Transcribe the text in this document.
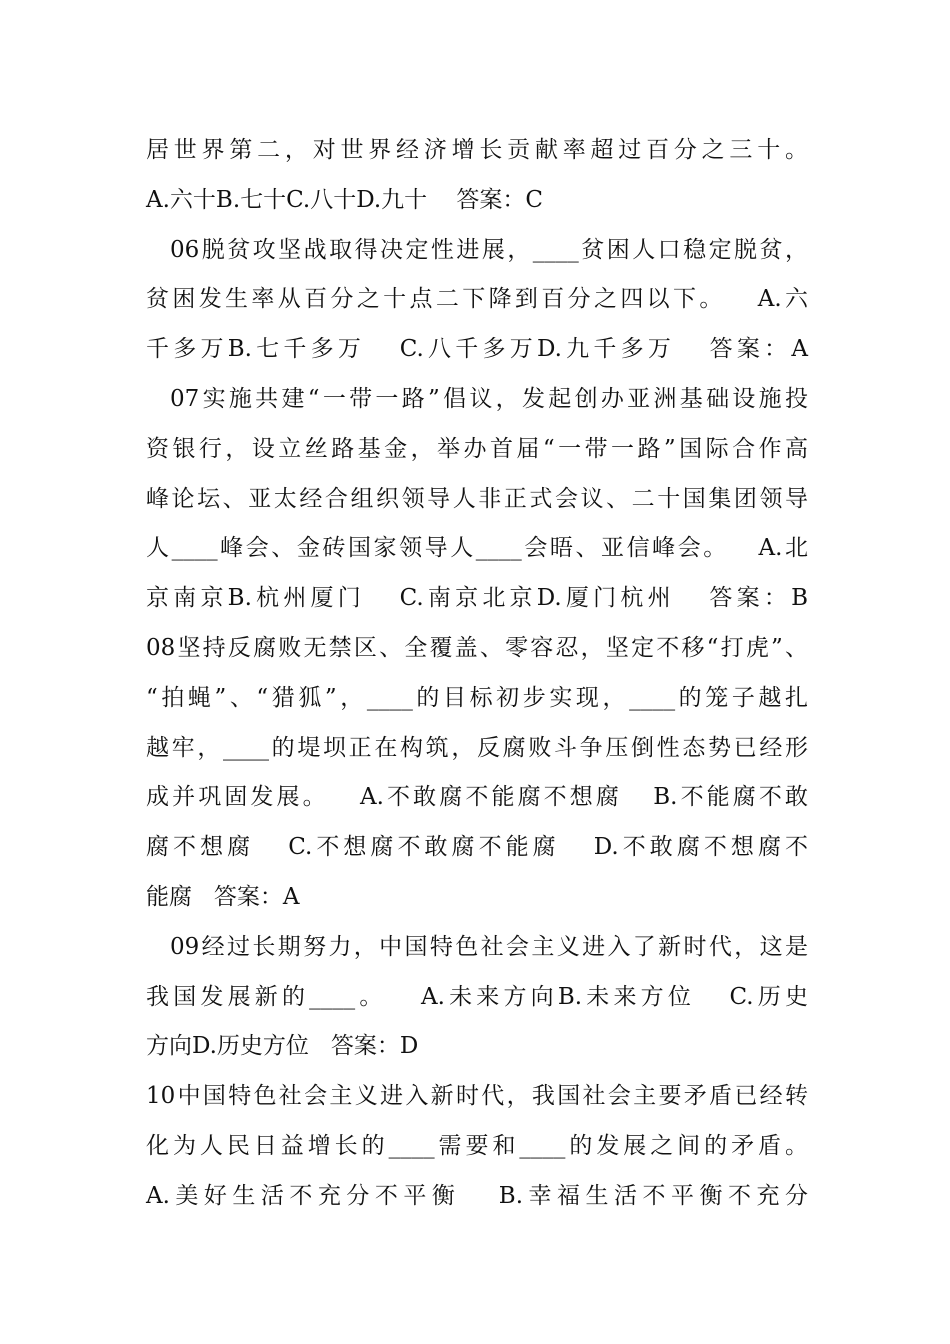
居世界第二，对世界经济增长贡献率超过百分之三十。
A.六十B.七十C.八十D.九十    答案：C
06脱贫攻坚战取得决定性进展，____贫困人口稳定脱贫，
贫困发生率从百分之十点二下降到百分之四以下。   A.六
千多万B.七千多万   C.八千多万D.九千多万   答案：A
07实施共建“一带一路”倡议，发起创办亚洲基础设施投
资银行，设立丝路基金，举办首届“一带一路”国际合作高
峰论坛、亚太经合组织领导人非正式会议、二十国集团领导
人____峰会、金砖国家领导人____会晤、亚信峰会。   A.北
京南京B.杭州厦门   C.南京北京D.厦门杭州   答案：B
08坚持反腐败无禁区、全覆盖、零容忍，坚定不移“打虎”、
“拍蝇”、“猎狐”，____的目标初步实现，____的笼子越扎
越牢，____的堤坝正在构筑，反腐败斗争压倒性态势已经形
成并巩固发展。   A.不敢腐不能腐不想腐   B.不能腐不敢
腐不想腐   C.不想腐不敢腐不能腐   D.不敢腐不想腐不
能腐   答案：A
09经过长期努力，中国特色社会主义进入了新时代，这是
我国发展新的____。   A.未来方向B.未来方位   C.历史
方向D.历史方位   答案：D
10中国特色社会主义进入新时代，我国社会主要矛盾已经转
化为人民日益增长的____需要和____的发展之间的矛盾。
A.美好生活不充分不平衡   B.幸福生活不平衡不充分
